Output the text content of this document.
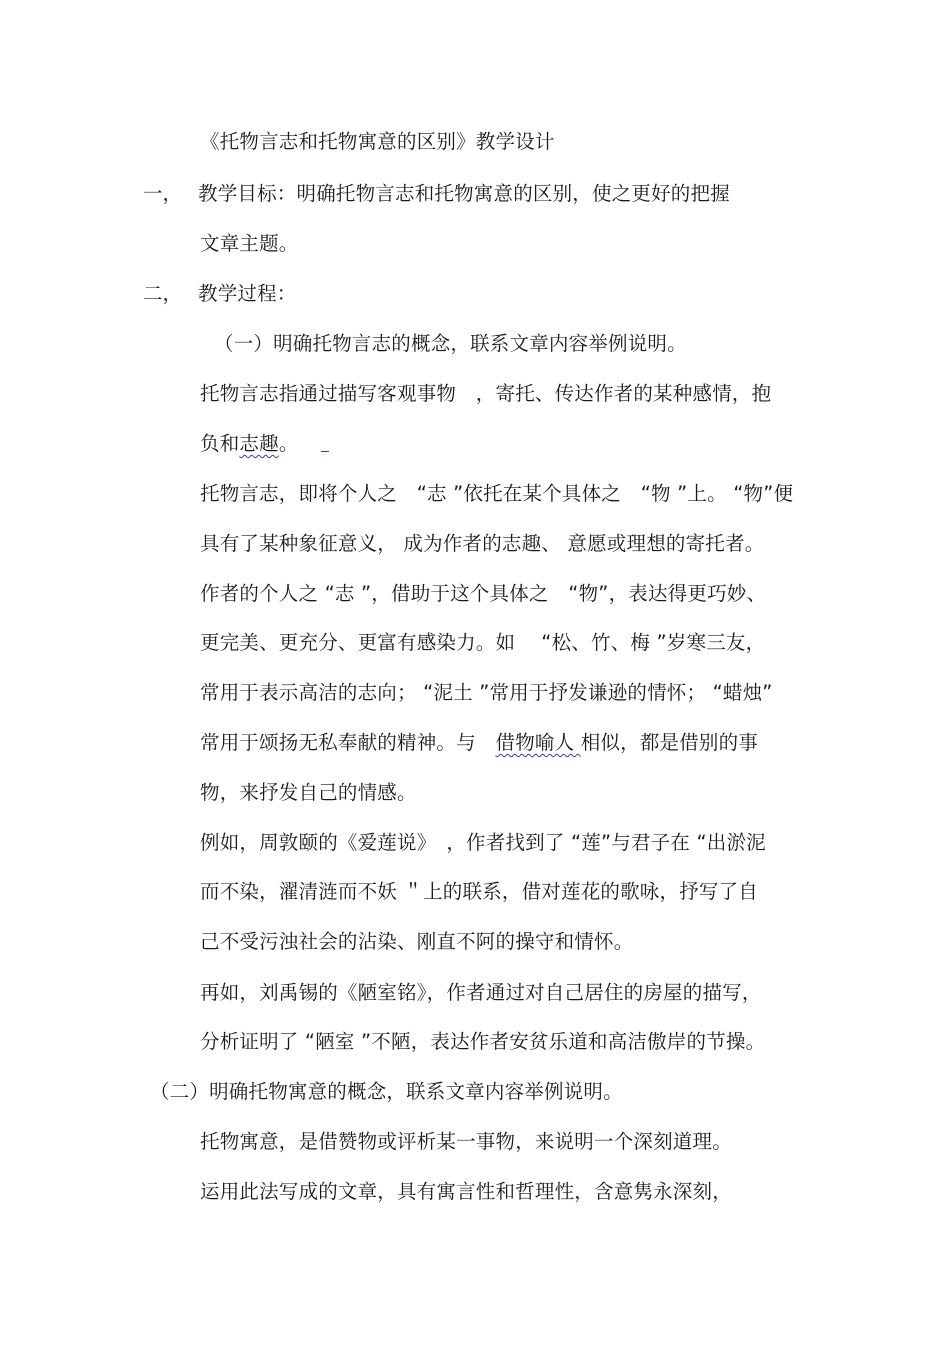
《托物言志和托物寓意的区别》教学设计
一， 教学目标：明确托物言志和托物寓意的区别，使之更好的把握
文章主题。
二， 教学过程：
（一）明确托物言志的概念，联系文章内容举例说明。
托物言志指通过描写客观事物　，寄托、传达作者的某种感情，抱
负和志趣。
托物言志，即将个人之　“志 ”依托在某个具体之　“物 ”上。 “物”便
具有了某种象征意义， 成为作者的志趣、 意愿或理想的寄托者。
作者的个人之 “志 ”，借助于这个具体之　“物”，表达得更巧妙、
更完美、更充分、更富有感染力。如　 “松、竹、梅 ”岁寒三友，
常用于表示高洁的志向； “泥土 ”常用于抒发谦逊的情怀； “蜡烛”
常用于颂扬无私奉献的精神。与　借物喻人 相似，都是借别的事
物，来抒发自己的情感。
例如，周敦颐的《爱莲说》　，作者找到了 “莲”与君子在 “出淤泥
而不染，濯清涟而不妖 ＂上的联系，借对莲花的歌咏，抒写了自
己不受污浊社会的沾染、刚直不阿的操守和情怀。
再如，刘禹锡的《陋室铭》，作者通过对自己居住的房屋的描写，
分析证明了 “陋室 ”不陋，表达作者安贫乐道和高洁傲岸的节操。
（二）明确托物寓意的概念，联系文章内容举例说明。
托物寓意，是借赞物或评析某一事物，来说明一个深刻道理。
运用此法写成的文章，具有寓言性和哲理性，含意隽永深刻，
